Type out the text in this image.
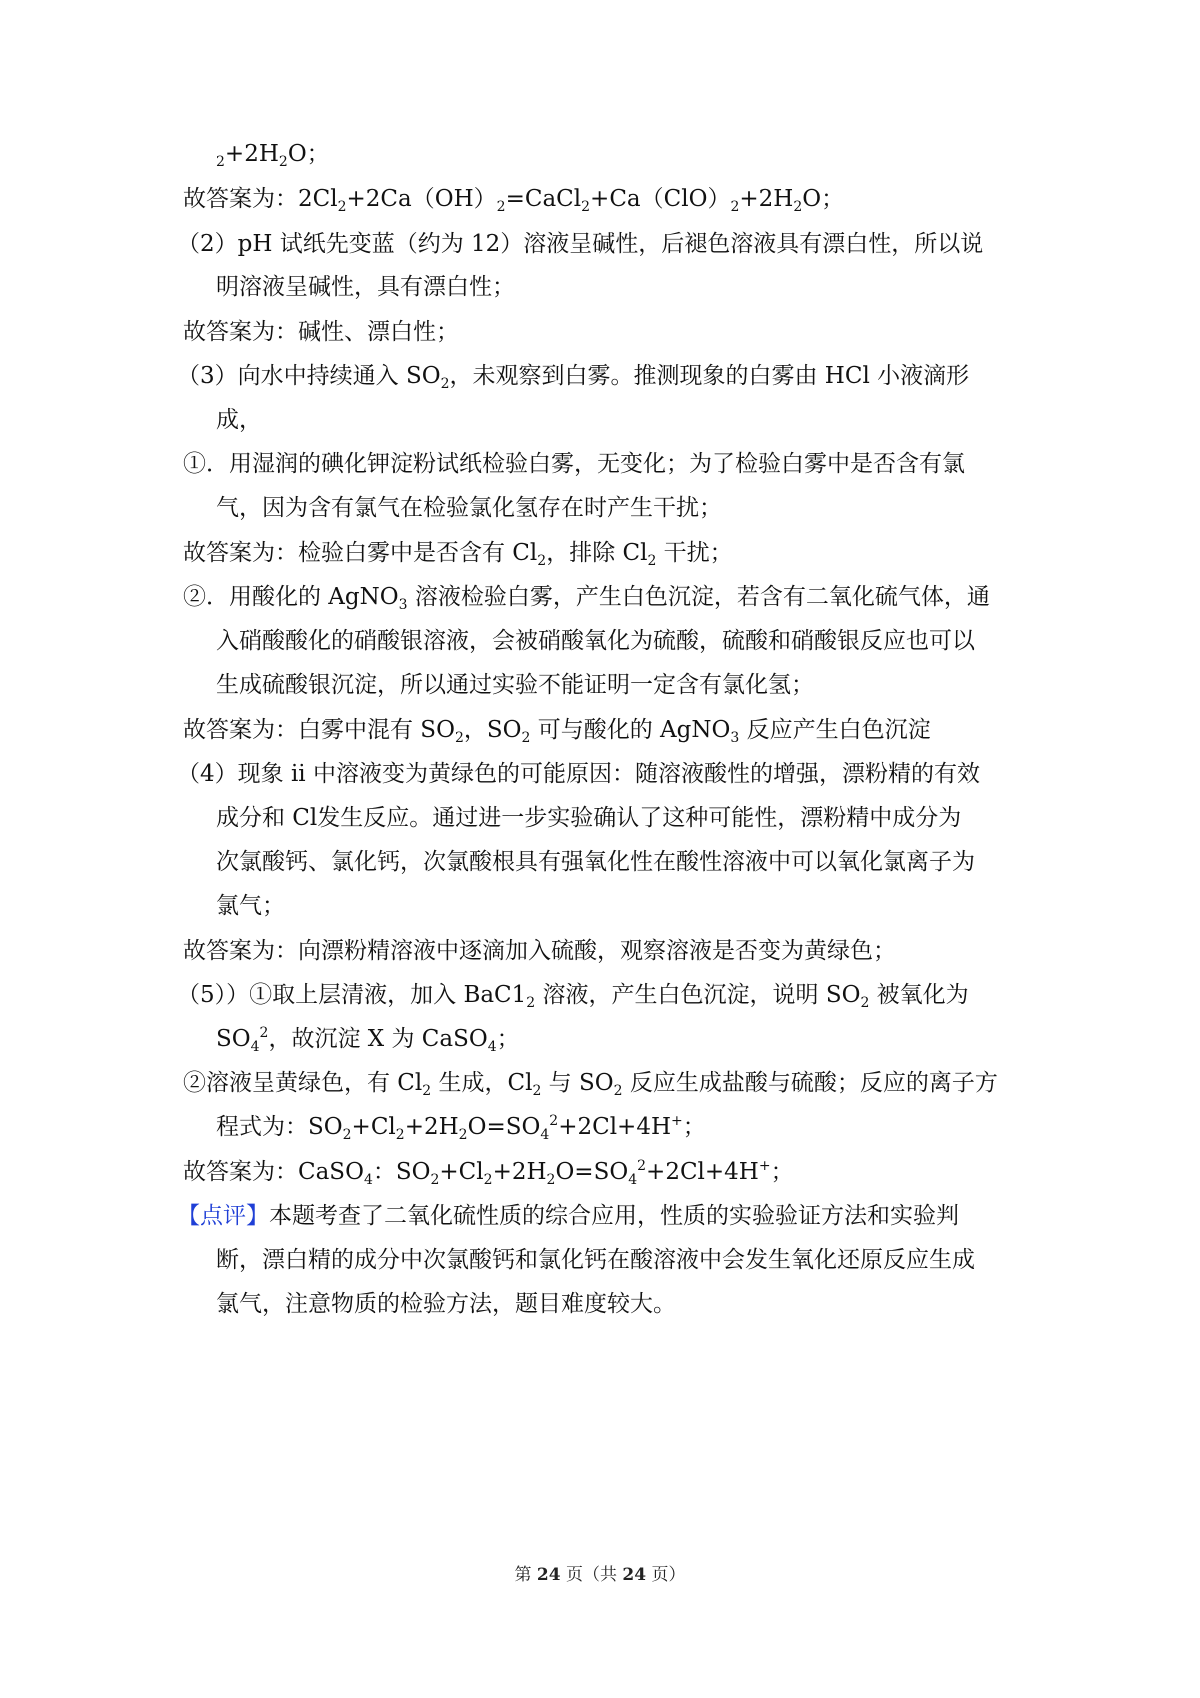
$_2+2H_2O$；
故答案为：$2Cl_2+2Ca(OH)_2=CaCl_2+Ca(ClO)_2+2H_2O$；
（2）pH 试纸先变蓝（约为 12）溶液呈碱性，后褪色溶液具有漂白性，所以说
明溶液呈碱性，具有漂白性；
故答案为：碱性、漂白性；
（3）向水中持续通入 $SO_2$，未观察到白雾。推测现象的白雾由 HCl 小液滴形
成，
①．用湿润的碘化钾淀粉试纸检验白雾，无变化；为了检验白雾中是否含有氯
气，因为含有氯气在检验氯化氢存在时产生干扰；
故答案为：检验白雾中是否含有 $Cl_2$，排除 $Cl_2$ 干扰；
②．用酸化的 AgNO$_3$ 溶液检验白雾，产生白色沉淀，若含有二氧化硫气体，通
入硝酸酸化的硝酸银溶液，会被硝酸氧化为硫酸，硫酸和硝酸银反应也可以
生成硫酸银沉淀，所以通过实验不能证明一定含有氯化氢；
故答案为：白雾中混有 $SO_2$，$SO_2$ 可与酸化的 AgNO$_3$ 反应产生白色沉淀
（4）现象 ii 中溶液变为黄绿色的可能原因：随溶液酸性的增强，漂粉精的有效
成分和 Cl发生反应。通过进一步实验确认了这种可能性，漂粉精中成分为
次氯酸钙、氯化钙，次氯酸根具有强氧化性在酸性溶液中可以氧化氯离子为
氯气；
故答案为：向漂粉精溶液中逐滴加入硫酸，观察溶液是否变为黄绿色；
（5））①取上层清液，加入 $BaC1_2$ 溶液，产生白色沉淀，说明 $SO_2$ 被氧化为
$SO_4^2$，故沉淀 X 为 CaSO$_4$；
②溶液呈黄绿色，有 $Cl_2$ 生成，$Cl_2$ 与 $SO_2$ 反应生成盐酸与硫酸；反应的离子方
程式为：$SO_2+Cl_2+2H_2O=SO_4^2+2Cl+4H^+$；
故答案为：CaSO$_4$：$SO_2+Cl_2+2H_2O=SO_4^2+2Cl+4H^+$；
【点评】本题考查了二氧化硫性质的综合应用，性质的实验验证方法和实验判
断，漂白精的成分中次氯酸钙和氯化钙在酸溶液中会发生氧化还原反应生成
氯气，注意物质的检验方法，题目难度较大。
第 24 页（共 24 页）
